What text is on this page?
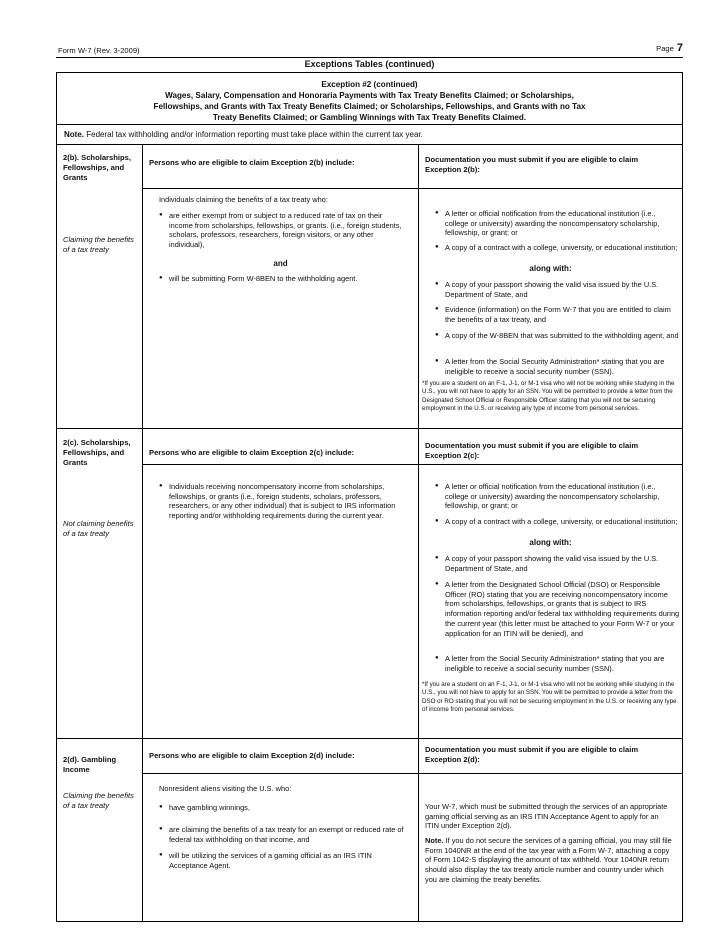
Form W-7 (Rev. 3-2009)	Page 7
Exceptions Tables (continued)
Exception #2 (continued)
Wages, Salary, Compensation and Honoraria Payments with Tax Treaty Benefits Claimed; or Scholarships,
Fellowships, and Grants with Tax Treaty Benefits Claimed; or Scholarships, Fellowships, and Grants with no Tax
Treaty Benefits Claimed; or Gambling Winnings with Tax Treaty Benefits Claimed.
Note. Federal tax withholding and/or information reporting must take place within the current tax year.
2(b). Scholarships, Fellowships, and Grants
Claiming the benefits of a tax treaty
Persons who are eligible to claim Exception 2(b) include:
Individuals claiming the benefits of a tax treaty who:
● are either exempt from or subject to a reduced rate of tax on their income from scholarships, fellowships, or grants. (i.e., foreign students, scholars, professors, researchers, foreign visitors, or any other individual),
and
● will be submitting Form W-8BEN to the withholding agent.
Documentation you must submit if you are eligible to claim Exception 2(b):
● A letter or official notification from the educational institution (i.e., college or university) awarding the noncompensatory scholarship, fellowship, or grant; or
● A copy of a contract with a college, university, or educational institution;
along with:
● A copy of your passport showing the valid visa issued by the U.S. Department of State, and
● Evidence (information) on the Form W-7 that you are entitled to claim the benefits of a tax treaty, and
● A copy of the W-8BEN that was submitted to the withholding agent, and
● A letter from the Social Security Administration* stating that you are ineligible to receive a social security number (SSN).
*If you are a student on an F-1, J-1, or M-1 visa who will not be working while studying in the U.S., you will not have to apply for an SSN. You will be permitted to provide a letter from the Designated School Official or Responsible Officer stating that you will not be securing employment in the U.S. or receiving any type of income from personal services.
2(c). Scholarships, Fellowships, and Grants
Not claiming benefits of a tax treaty
Persons who are eligible to claim Exception 2(c) include:
● Individuals receiving noncompensatory income from scholarships, fellowships, or grants (i.e., foreign students, scholars, professors, researchers, or any other individual) that is subject to IRS information reporting and/or withholding requirements during the current year.
Documentation you must submit if you are eligible to claim Exception 2(c):
● A letter or official notification from the educational institution (i.e., college or university) awarding the noncompensatory scholarship, fellowship, or grant; or
● A copy of a contract with a college, university, or educational institution;
along with:
● A copy of your passport showing the valid visa issued by the U.S. Department of State, and
● A letter from the Designated School Official (DSO) or Responsible Officer (RO) stating that you are receiving noncompensatory income from scholarships, fellowships, or grants that is subject to IRS information reporting and/or federal tax withholding requirements during the current year (this letter must be attached to your Form W-7 or your application for an ITIN will be denied), and
● A letter from the Social Security Administration* stating that you are ineligible to receive a social security number (SSN).
*If you are a student on an F-1, J-1, or M-1 visa who will not be working while studying in the U.S., you will not have to apply for an SSN. You will be permitted to provide a letter from the DSO or RO stating that you will not be securing employment in the U.S. or receiving any type of income from personal services.
2(d). Gambling Income
Claiming the benefits of a tax treaty
Persons who are eligible to claim Exception 2(d) include:
Nonresident aliens visiting the U.S. who:
● have gambling winnings,
● are claiming the benefits of a tax treaty for an exempt or reduced rate of federal tax withholding on that income, and
● will be utilizing the services of a gaming official as an IRS ITIN Acceptance Agent.
Documentation you must submit if you are eligible to claim Exception 2(d):
Your W-7, which must be submitted through the services of an appropriate gaming official serving as an IRS ITIN Acceptance Agent to apply for an ITIN under Exception 2(d).
Note. If you do not secure the services of a gaming official, you may still file Form 1040NR at the end of the tax year with a Form W-7, attaching a copy of Form 1042-S displaying the amount of tax withheld. Your 1040NR return should also display the tax treaty article number and country under which you are claiming the treaty benefits.
